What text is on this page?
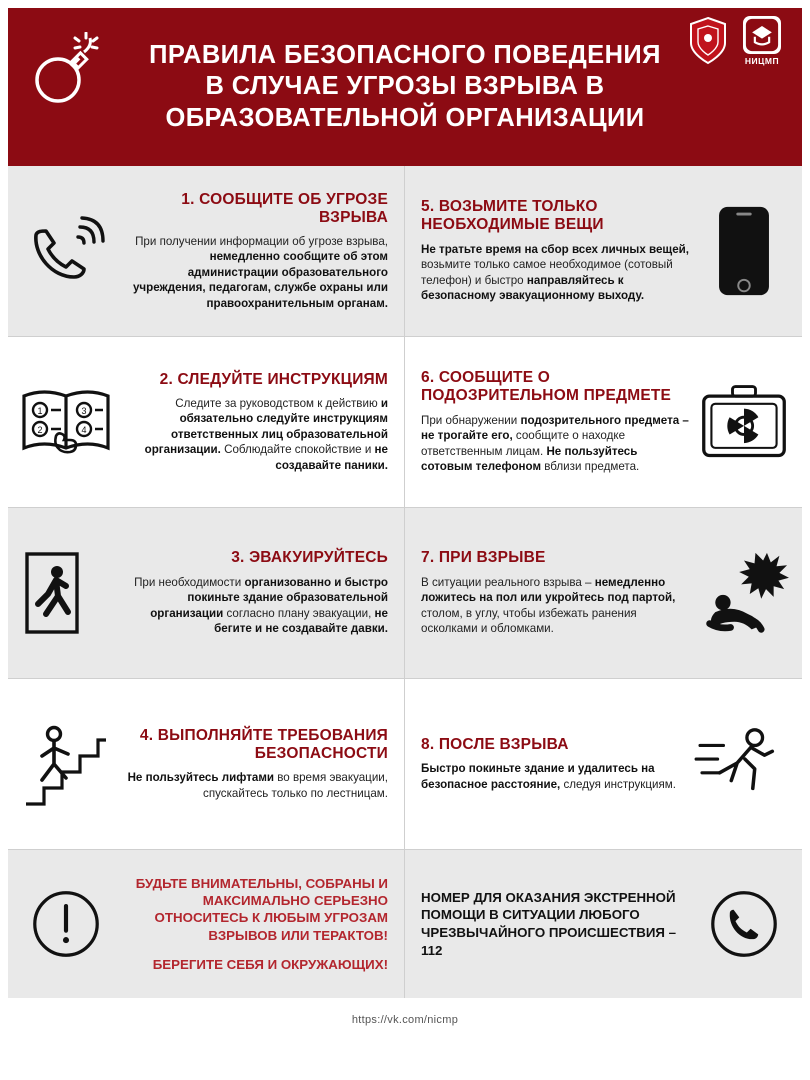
ПРАВИЛА БЕЗОПАСНОГО ПОВЕДЕНИЯ В СЛУЧАЕ УГРОЗЫ ВЗРЫВА В ОБРАЗОВАТЕЛЬНОЙ ОРГАНИЗАЦИИ
НИЦМП
1. СООБЩИТЕ ОБ УГРОЗЕ ВЗРЫВА
При получении информации об угрозе взрыва, немедленно сообщите об этом администрации образовательного учреждения, педагогам, службе охраны или правоохранительным органам.
5. ВОЗЬМИТЕ ТОЛЬКО НЕОБХОДИМЫЕ ВЕЩИ
Не тратьте время на сбор всех личных вещей, возьмите только самое необходимое (сотовый телефон) и быстро направляйтесь к безопасному эвакуационному выходу.
1
2
3
4
2. СЛЕДУЙТЕ ИНСТРУКЦИЯМ
Следите за руководством к действию и обязательно следуйте инструкциям ответственных лиц образовательной организации. Соблюдайте спокойствие и не создавайте паники.
6. СООБЩИТЕ О ПОДОЗРИТЕЛЬНОМ ПРЕДМЕТЕ
При обнаружении подозрительного предмета – не трогайте его, сообщите о находке ответственным лицам. Не пользуйтесь сотовым телефоном вблизи предмета.
3. ЭВАКУИРУЙТЕСЬ
При необходимости организованно и быстро покиньте здание образовательной организации согласно плану эвакуации, не бегите и не создавайте давки.
7. ПРИ ВЗРЫВЕ
В ситуации реального взрыва – немедленно ложитесь на пол или укройтесь под партой, столом, в углу, чтобы избежать ранения осколками и обломками.
4. ВЫПОЛНЯЙТЕ ТРЕБОВАНИЯ БЕЗОПАСНОСТИ
Не пользуйтесь лифтами во время эвакуации, спускайтесь только по лестницам.
8. ПОСЛЕ ВЗРЫВА
Быстро покиньте здание и удалитесь на безопасное расстояние, следуя инструкциям.
БУДЬТЕ ВНИМАТЕЛЬНЫ, СОБРАНЫ И МАКСИМАЛЬНО СЕРЬЕЗНО ОТНОСИТЕСЬ К ЛЮБЫМ УГРОЗАМ ВЗРЫВОВ ИЛИ ТЕРАКТОВ!
БЕРЕГИТЕ СЕБЯ И ОКРУЖАЮЩИХ!
НОМЕР ДЛЯ ОКАЗАНИЯ ЭКСТРЕННОЙ ПОМОЩИ В СИТУАЦИИ ЛЮБОГО ЧРЕЗВЫЧАЙНОГО ПРОИСШЕСТВИЯ – 112
https://vk.com/nicmp
